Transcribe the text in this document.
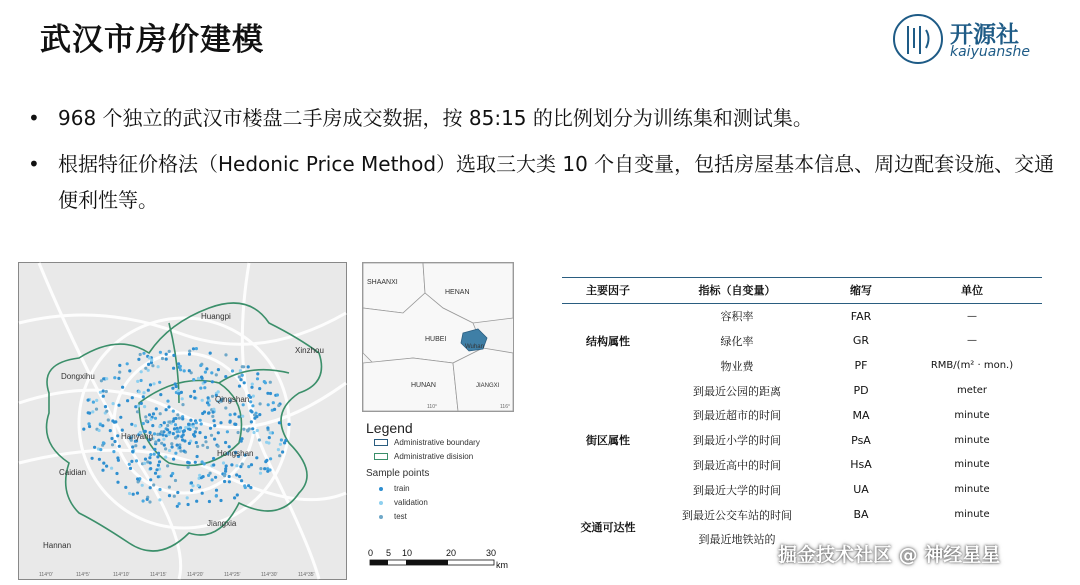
武汉市房价建模	开源社
kaiyuanshe
• 968 个独立的武汉市楼盘二手房成交数据，按 85:15 的比例划分为训练集和测试集。
• 根据特征价格法（Hedonic Price Method）选取三大类 10 个自变量，包括房屋基本信息、周边配套设施、交通便利性等。
Huangpi
Xinzhou
Dongxihu
Qingshan
Hanyang
Hongshan
Caidian
Jiangxia
Hannan
114°0'	114°5'	114°10'	114°15'	114°20'	114°25'	114°30'	114°35'
SHAANXI
HENAN
HUBEI
Wuhan
HUNAN	JIANGXI
110°	116°
Legend
Administrative boundary
Administrative disision
Sample points
train
validation
test
0 5 10	20	30
km
主要因子	指标（自变量）	缩写	单位
结构属性	容积率	FAR	—
	绿化率	GR	—
	物业费	PF	RMB/(m² · mon.)
街区属性	到最近公园的距离	PD	meter
	到最近超市的时间	MA	minute
	到最近小学的时间	PsA	minute
	到最近高中的时间	HsA	minute
	到最近大学的时间	UA	minute
交通可达性	到最近公交车站的时间	BA	minute
	到最近地铁站的		
掘金技术社区 @ 神经星星
